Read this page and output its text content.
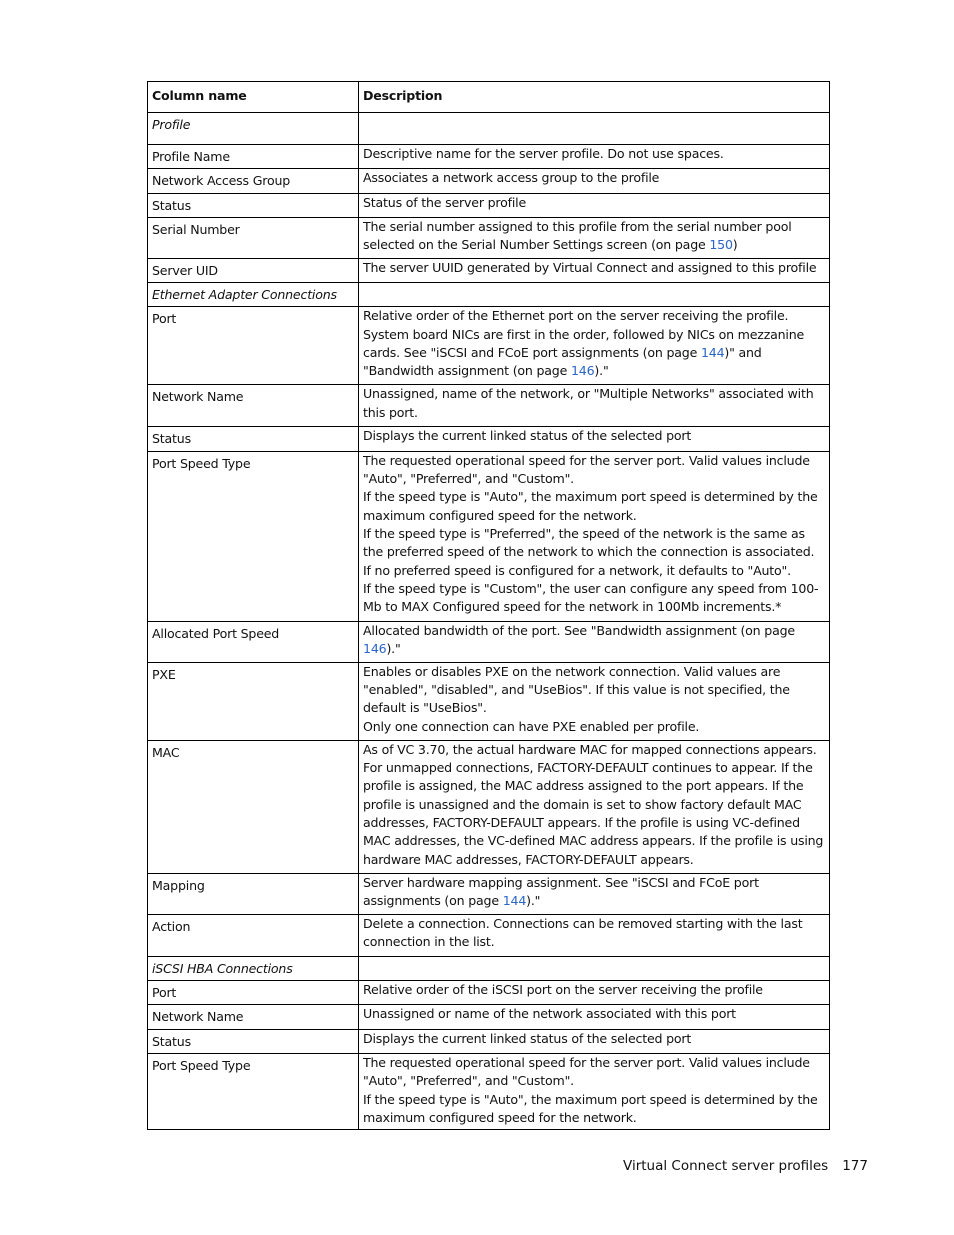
Column name	Description
Profile	
Profile Name	Descriptive name for the server profile. Do not use spaces.

Network Access Group	Associates a network access group to the profile

Status	Status of the server profile

Serial Number	The serial number assigned to this profile from the serial number pool selected on the Serial Number Settings screen (on page 150)

Server UID	The server UUID generated by Virtual Connect and assigned to this profile

Ethernet Adapter Connections	
Port	Relative order of the Ethernet port on the server receiving the profile. System board NICs are first in the order, followed by NICs on mezzanine cards. See "iSCSI and FCoE port assignments (on page 144)" and "Bandwidth assignment (on page 146)."

Network Name	Unassigned, name of the network, or "Multiple Networks" associated with this port.

Status	Displays the current linked status of the selected port

Port Speed Type	The requested operational speed for the server port. Valid values include "Auto", "Preferred", and "Custom".
If the speed type is "Auto", the maximum port speed is determined by the maximum configured speed for the network.
If the speed type is "Preferred", the speed of the network is the same as the preferred speed of the network to which the connection is associated. If no preferred speed is configured for a network, it defaults to "Auto".
If the speed type is "Custom", the user can configure any speed from 100-Mb to MAX Configured speed for the network in 100Mb increments.*

Allocated Port Speed	Allocated bandwidth of the port. See "Bandwidth assignment (on page 146)."

PXE	Enables or disables PXE on the network connection. Valid values are "enabled", "disabled", and "UseBios". If this value is not specified, the default is "UseBios".
Only one connection can have PXE enabled per profile.

MAC	As of VC 3.70, the actual hardware MAC for mapped connections appears. For unmapped connections, FACTORY-DEFAULT continues to appear. If the profile is assigned, the MAC address assigned to the port appears. If the profile is unassigned and the domain is set to show factory default MAC addresses, FACTORY-DEFAULT appears. If the profile is using VC-defined MAC addresses, the VC-defined MAC address appears. If the profile is using hardware MAC addresses, FACTORY-DEFAULT appears.

Mapping	Server hardware mapping assignment. See "iSCSI and FCoE port assignments (on page 144)."

Action	Delete a connection. Connections can be removed starting with the last connection in the list.

iSCSI HBA Connections	
Port	Relative order of the iSCSI port on the server receiving the profile

Network Name	Unassigned or name of the network associated with this port

Status	Displays the current linked status of the selected port

Port Speed Type	The requested operational speed for the server port. Valid values include "Auto", "Preferred", and "Custom".
If the speed type is "Auto", the maximum port speed is determined by the maximum configured speed for the network.
Virtual Connect server profiles 177
